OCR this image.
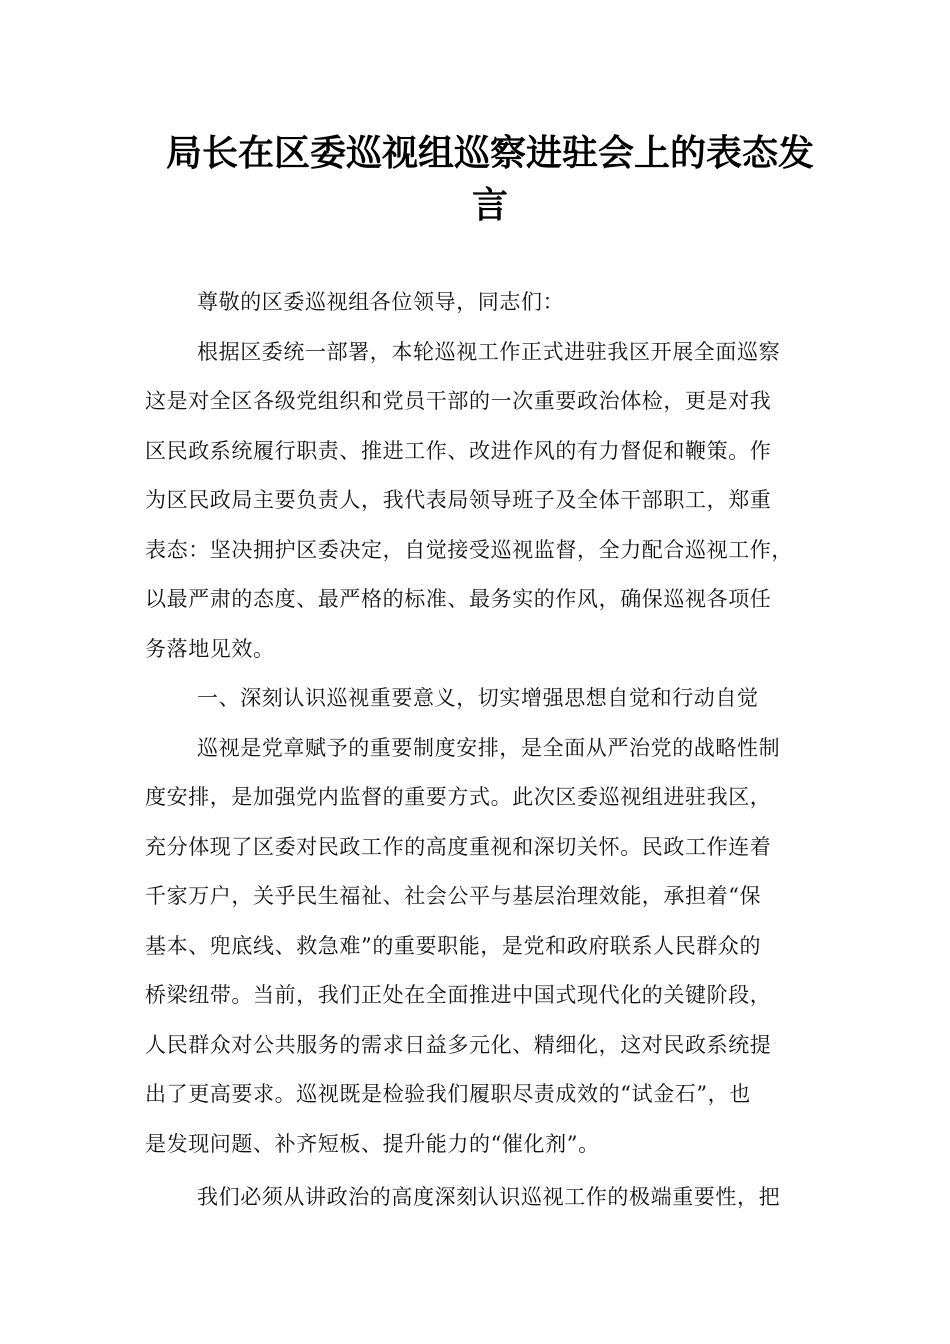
局长在区委巡视组巡察进驻会上的表态发
言

尊敬的区委巡视组各位领导，同志们：

根据区委统一部署，本轮巡视工作正式进驻我区开展全面巡察
这是对全区各级党组织和党员干部的一次重要政治体检，更是对我
区民政系统履行职责、推进工作、改进作风的有力督促和鞭策。作
为区民政局主要负责人，我代表局领导班子及全体干部职工，郑重
表态：坚决拥护区委决定，自觉接受巡视监督，全力配合巡视工作，
以最严肃的态度、最严格的标准、最务实的作风，确保巡视各项任
务落地见效。

一、深刻认识巡视重要意义，切实增强思想自觉和行动自觉

巡视是党章赋予的重要制度安排，是全面从严治党的战略性制
度安排，是加强党内监督的重要方式。此次区委巡视组进驻我区，
充分体现了区委对民政工作的高度重视和深切关怀。民政工作连着
千家万户，关乎民生福祉、社会公平与基层治理效能，承担着“保
基本、兜底线、救急难”的重要职能，是党和政府联系人民群众的
桥梁纽带。当前，我们正处在全面推进中国式现代化的关键阶段，
人民群众对公共服务的需求日益多元化、精细化，这对民政系统提
出了更高要求。巡视既是检验我们履职尽责成效的“试金石”，也
是发现问题、补齐短板、提升能力的“催化剂”。

我们必须从讲政治的高度深刻认识巡视工作的极端重要性，把
